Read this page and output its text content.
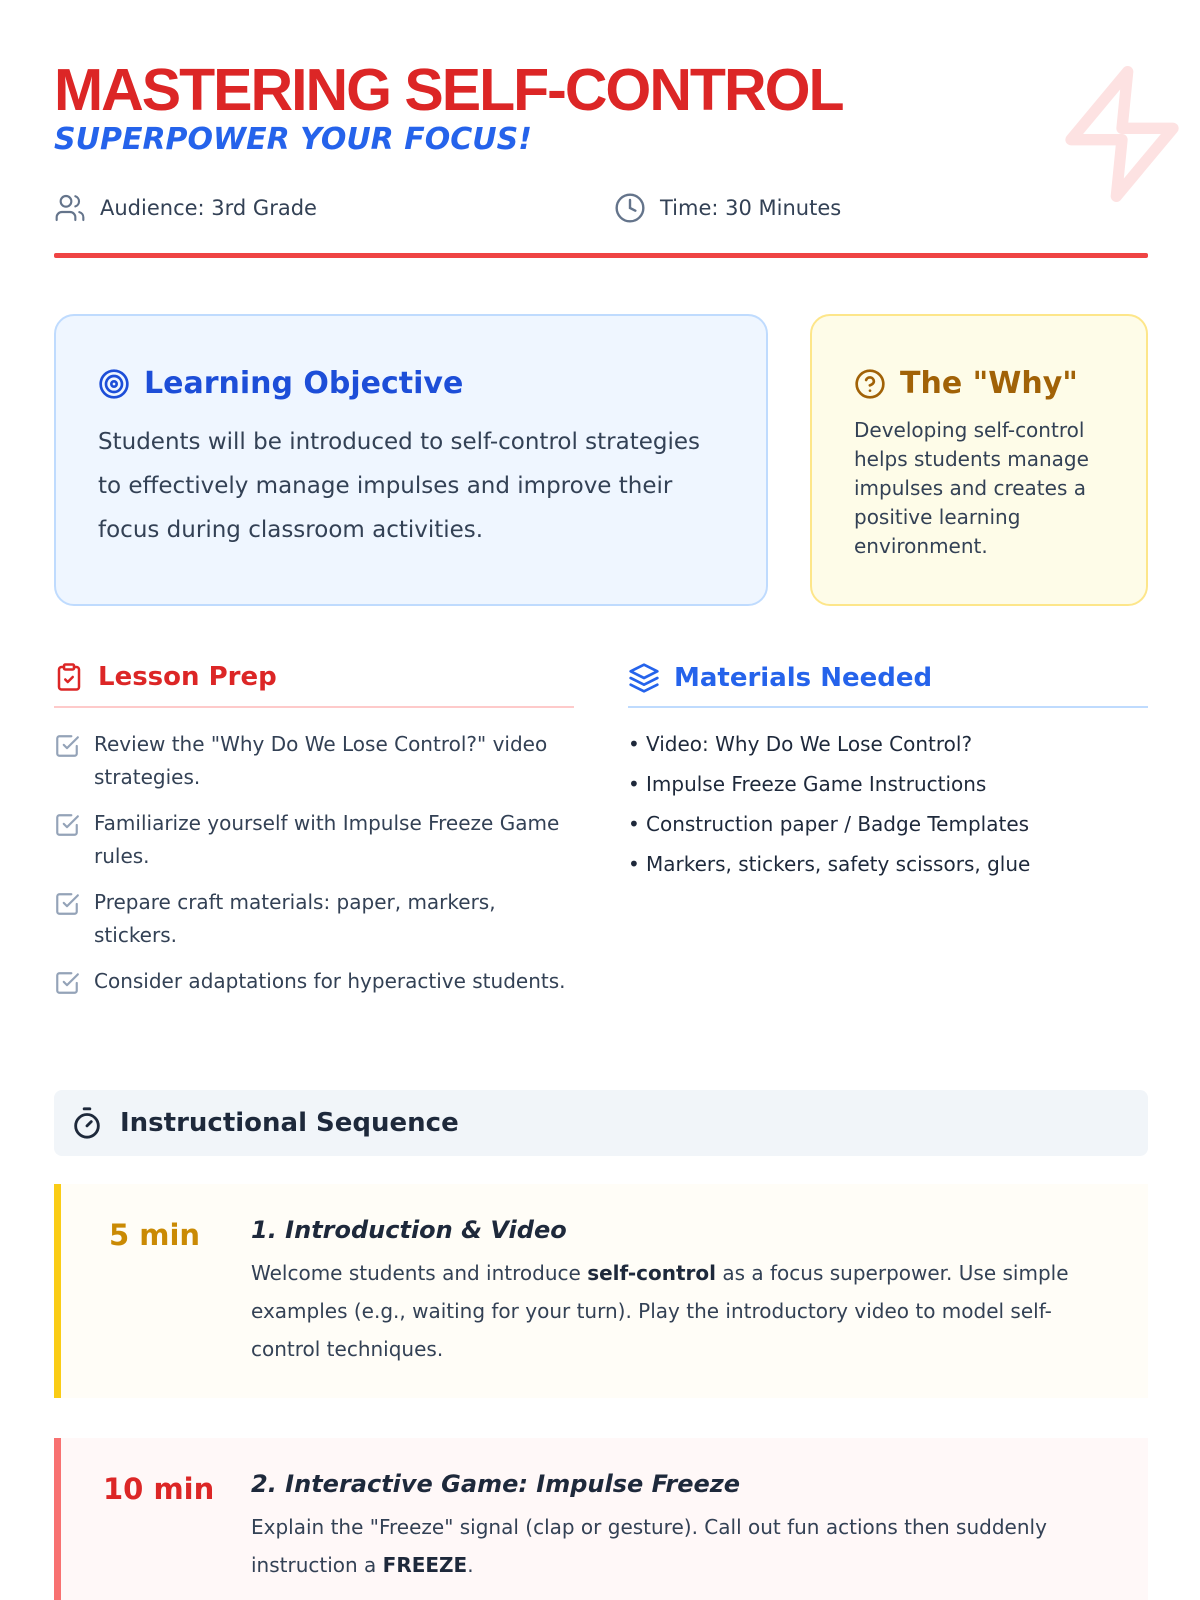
MASTERING SELF-CONTROL
SUPERPOWER YOUR FOCUS!
Audience: 3rd Grade	Time: 30 Minutes
Learning Objective

Students will be introduced to self-control strategies to effectively manage impulses and improve their focus during classroom activities.

The "Why"

Developing self-control helps students manage impulses and creates a positive learning environment.

Lesson Prep	Materials Needed
Review the "Why Do We Lose Control?" video strategies.
Familiarize yourself with Impulse Freeze Game rules.
Prepare craft materials: paper, markers, stickers.
Consider adaptations for hyperactive students.
• Video: Why Do We Lose Control?
• Impulse Freeze Game Instructions
• Construction paper / Badge Templates
• Markers, stickers, safety scissors, glue
Instructional Sequence
5 min 1. Introduction & Video

Welcome students and introduce self-control as a focus superpower. Use simple examples (e.g., waiting for your turn). Play the introductory video to model self-control techniques.

10 min 2. Interactive Game: Impulse Freeze

Explain the "Freeze" signal (clap or gesture). Call out fun actions then suddenly instruction a FREEZE.
